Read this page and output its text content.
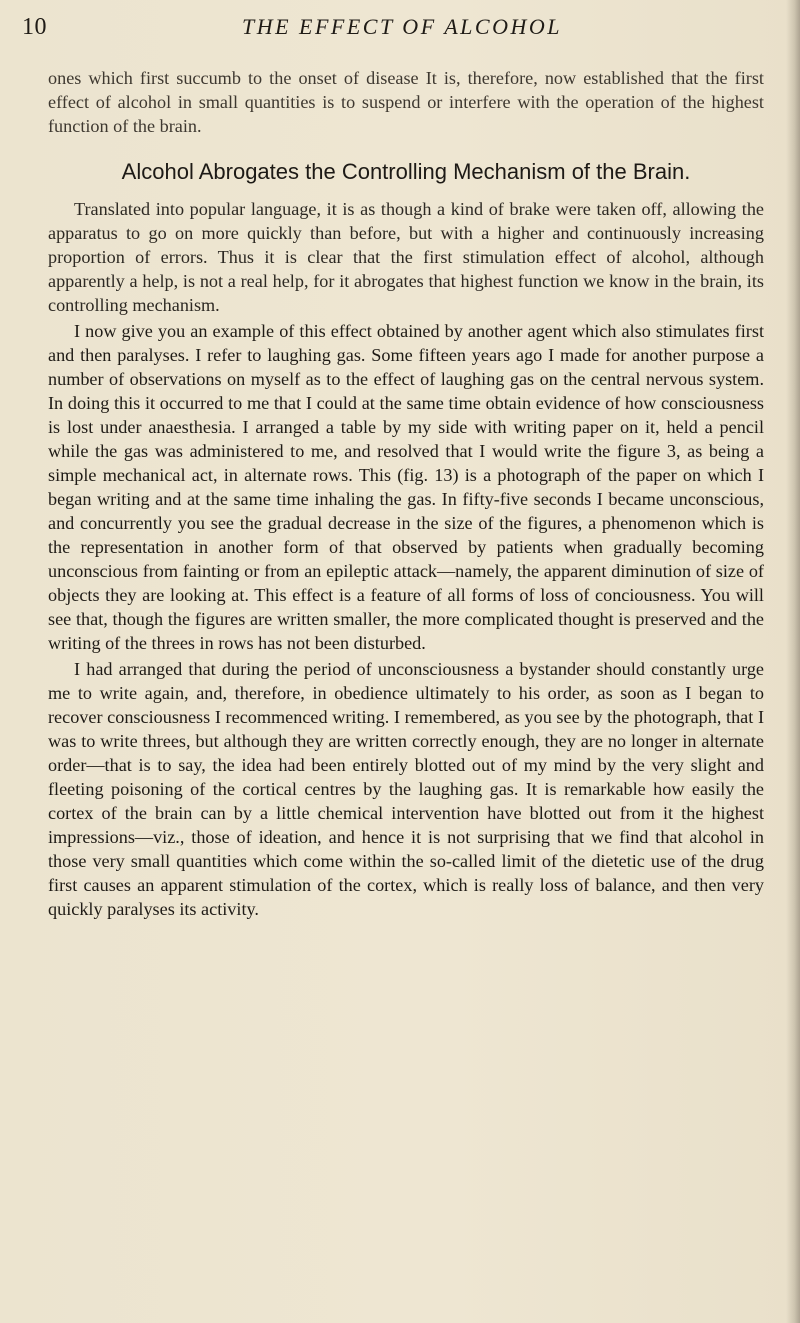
10	THE EFFECT OF ALCOHOL

ones which first succumb to the onset of disease It is, therefore, now established that the first effect of alcohol in small quantities is to suspend or interfere with the operation of the highest function of the brain.

Alcohol Abrogates the Controlling Mechanism of the Brain.

Translated into popular language, it is as though a kind of brake were taken off, allowing the apparatus to go on more quickly than before, but with a higher and continuously increasing proportion of errors. Thus it is clear that the first stimulation effect of alcohol, although apparently a help, is not a real help, for it abrogates that highest function we know in the brain, its controlling mechanism.

I now give you an example of this effect obtained by another agent which also stimulates first and then paralyses. I refer to laughing gas. Some fifteen years ago I made for another purpose a number of observations on myself as to the effect of laughing gas on the central nervous system. In doing this it occurred to me that I could at the same time obtain evidence of how consciousness is lost under anaesthesia. I arranged a table by my side with writing paper on it, held a pencil while the gas was administered to me, and resolved that I would write the figure 3, as being a simple mechanical act, in alternate rows. This (fig. 13) is a photograph of the paper on which I began writing and at the same time inhaling the gas. In fifty-five seconds I became unconscious, and concurrently you see the gradual decrease in the size of the figures, a phenomenon which is the representation in another form of that observed by patients when gradually becoming unconscious from fainting or from an epileptic attack—namely, the apparent diminution of size of objects they are looking at. This effect is a feature of all forms of loss of conciousness. You will see that, though the figures are written smaller, the more complicated thought is preserved and the writing of the threes in rows has not been disturbed.

I had arranged that during the period of unconsciousness a bystander should constantly urge me to write again, and, therefore, in obedience ultimately to his order, as soon as I began to recover consciousness I recommenced writing. I remembered, as you see by the photograph, that I was to write threes, but although they are written correctly enough, they are no longer in alternate order—that is to say, the idea had been entirely blotted out of my mind by the very slight and fleeting poisoning of the cortical centres by the laughing gas. It is remarkable how easily the cortex of the brain can by a little chemical intervention have blotted out from it the highest impressions—viz., those of ideation, and hence it is not surprising that we find that alcohol in those very small quantities which come within the so-called limit of the dietetic use of the drug first causes an apparent stimulation of the cortex, which is really loss of balance, and then very quickly paralyses its activity.
